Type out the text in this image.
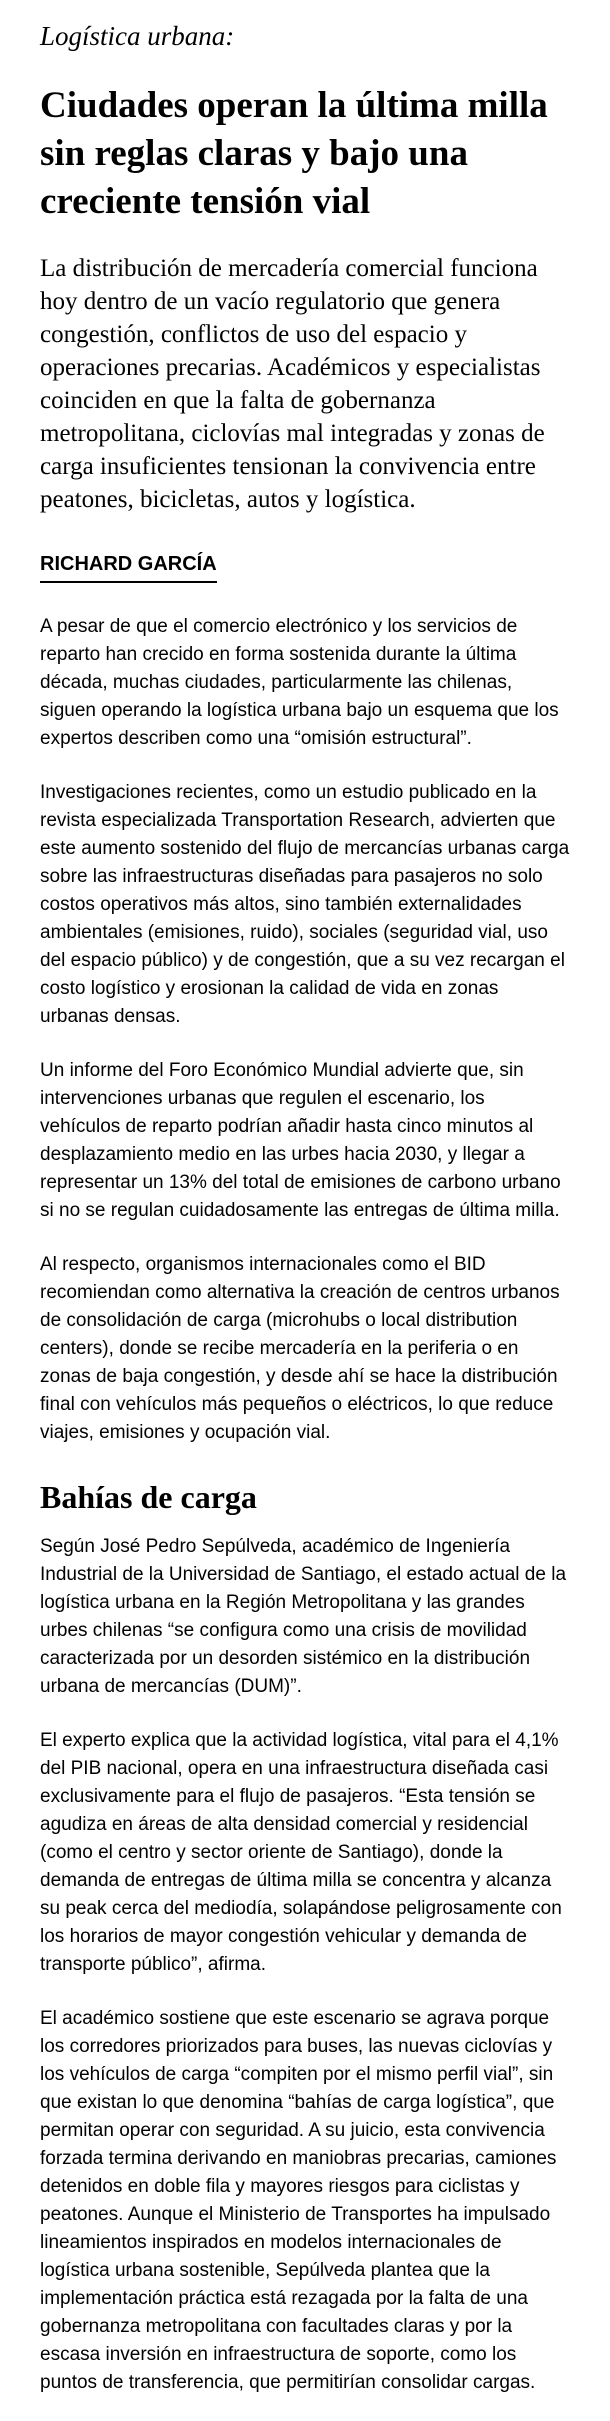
Logística urbana:

Ciudades operan la última milla sin reglas claras y bajo una creciente tensión vial

La distribución de mercadería comercial funciona hoy dentro de un vacío regulatorio que genera congestión, conflictos de uso del espacio y operaciones precarias. Académicos y especialistas coinciden en que la falta de gobernanza metropolitana, ciclovías mal integradas y zonas de carga insuficientes tensionan la convivencia entre peatones, bicicletas, autos y logística.

RICHARD GARCÍA

A pesar de que el comercio electrónico y los servicios de reparto han crecido en forma sostenida durante la última década, muchas ciudades, particularmente las chilenas, siguen operando la logística urbana bajo un esquema que los expertos describen como una “omisión estructural”.

Investigaciones recientes, como un estudio publicado en la revista especializada Transportation Research, advierten que este aumento sostenido del flujo de mercancías urbanas carga sobre las infraestructuras diseñadas para pasajeros no solo costos operativos más altos, sino también externalidades ambientales (emisiones, ruido), sociales (seguridad vial, uso del espacio público) y de congestión, que a su vez recargan el costo logístico y erosionan la calidad de vida en zonas urbanas densas.

Un informe del Foro Económico Mundial advierte que, sin intervenciones urbanas que regulen el escenario, los vehículos de reparto podrían añadir hasta cinco minutos al desplazamiento medio en las urbes hacia 2030, y llegar a representar un 13% del total de emisiones de carbono urbano si no se regulan cuidadosamente las entregas de última milla.

Al respecto, organismos internacionales como el BID recomiendan como alternativa la creación de centros urbanos de consolidación de carga (microhubs o local distribution centers), donde se recibe mercadería en la periferia o en zonas de baja congestión, y desde ahí se hace la distribución final con vehículos más pequeños o eléctricos, lo que reduce viajes, emisiones y ocupación vial.

Bahías de carga

Según José Pedro Sepúlveda, académico de Ingeniería Industrial de la Universidad de Santiago, el estado actual de la logística urbana en la Región Metropolitana y las grandes urbes chilenas “se configura como una crisis de movilidad caracterizada por un desorden sistémico en la distribución urbana de mercancías (DUM)”.

El experto explica que la actividad logística, vital para el 4,1% del PIB nacional, opera en una infraestructura diseñada casi exclusivamente para el flujo de pasajeros. “Esta tensión se agudiza en áreas de alta densidad comercial y residencial (como el centro y sector oriente de Santiago), donde la demanda de entregas de última milla se concentra y alcanza su peak cerca del mediodía, solapándose peligrosamente con los horarios de mayor congestión vehicular y demanda de transporte público”, afirma.

El académico sostiene que este escenario se agrava porque los corredores priorizados para buses, las nuevas ciclovías y los vehículos de carga “compiten por el mismo perfil vial”, sin que existan lo que denomina “bahías de carga logística”, que permitan operar con seguridad. A su juicio, esta convivencia forzada termina derivando en maniobras precarias, camiones detenidos en doble fila y mayores riesgos para ciclistas y peatones. Aunque el Ministerio de Transportes ha impulsado lineamientos inspirados en modelos internacionales de logística urbana sostenible, Sepúlveda plantea que la implementación práctica está rezagada por la falta de una gobernanza metropolitana con facultades claras y por la escasa inversión en infraestructura de soporte, como los puntos de transferencia, que permitirían consolidar cargas.
